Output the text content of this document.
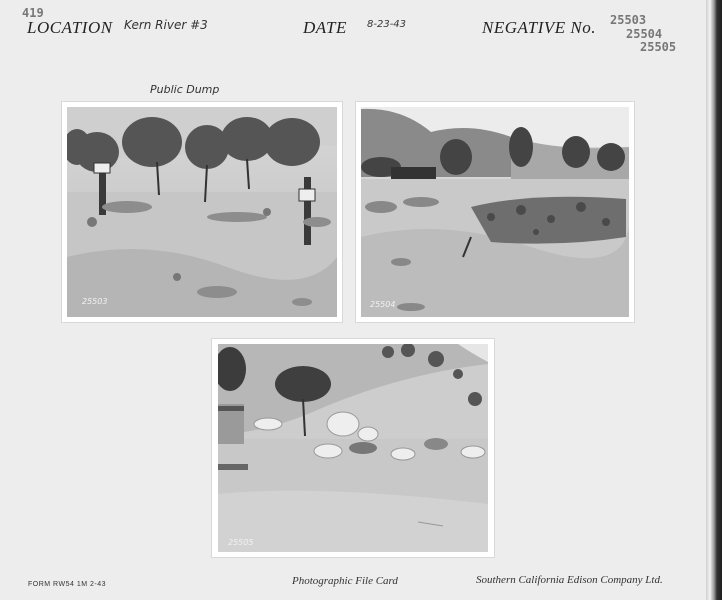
419
LOCATION Kern River #3	DATE 8-23-43	NEGATIVE No. 25503
25504
25505
Public Dump
25503	25504
25505
FORM RW54 1M 2-43	Photographic File Card	Southern California Edison Company Ltd.
